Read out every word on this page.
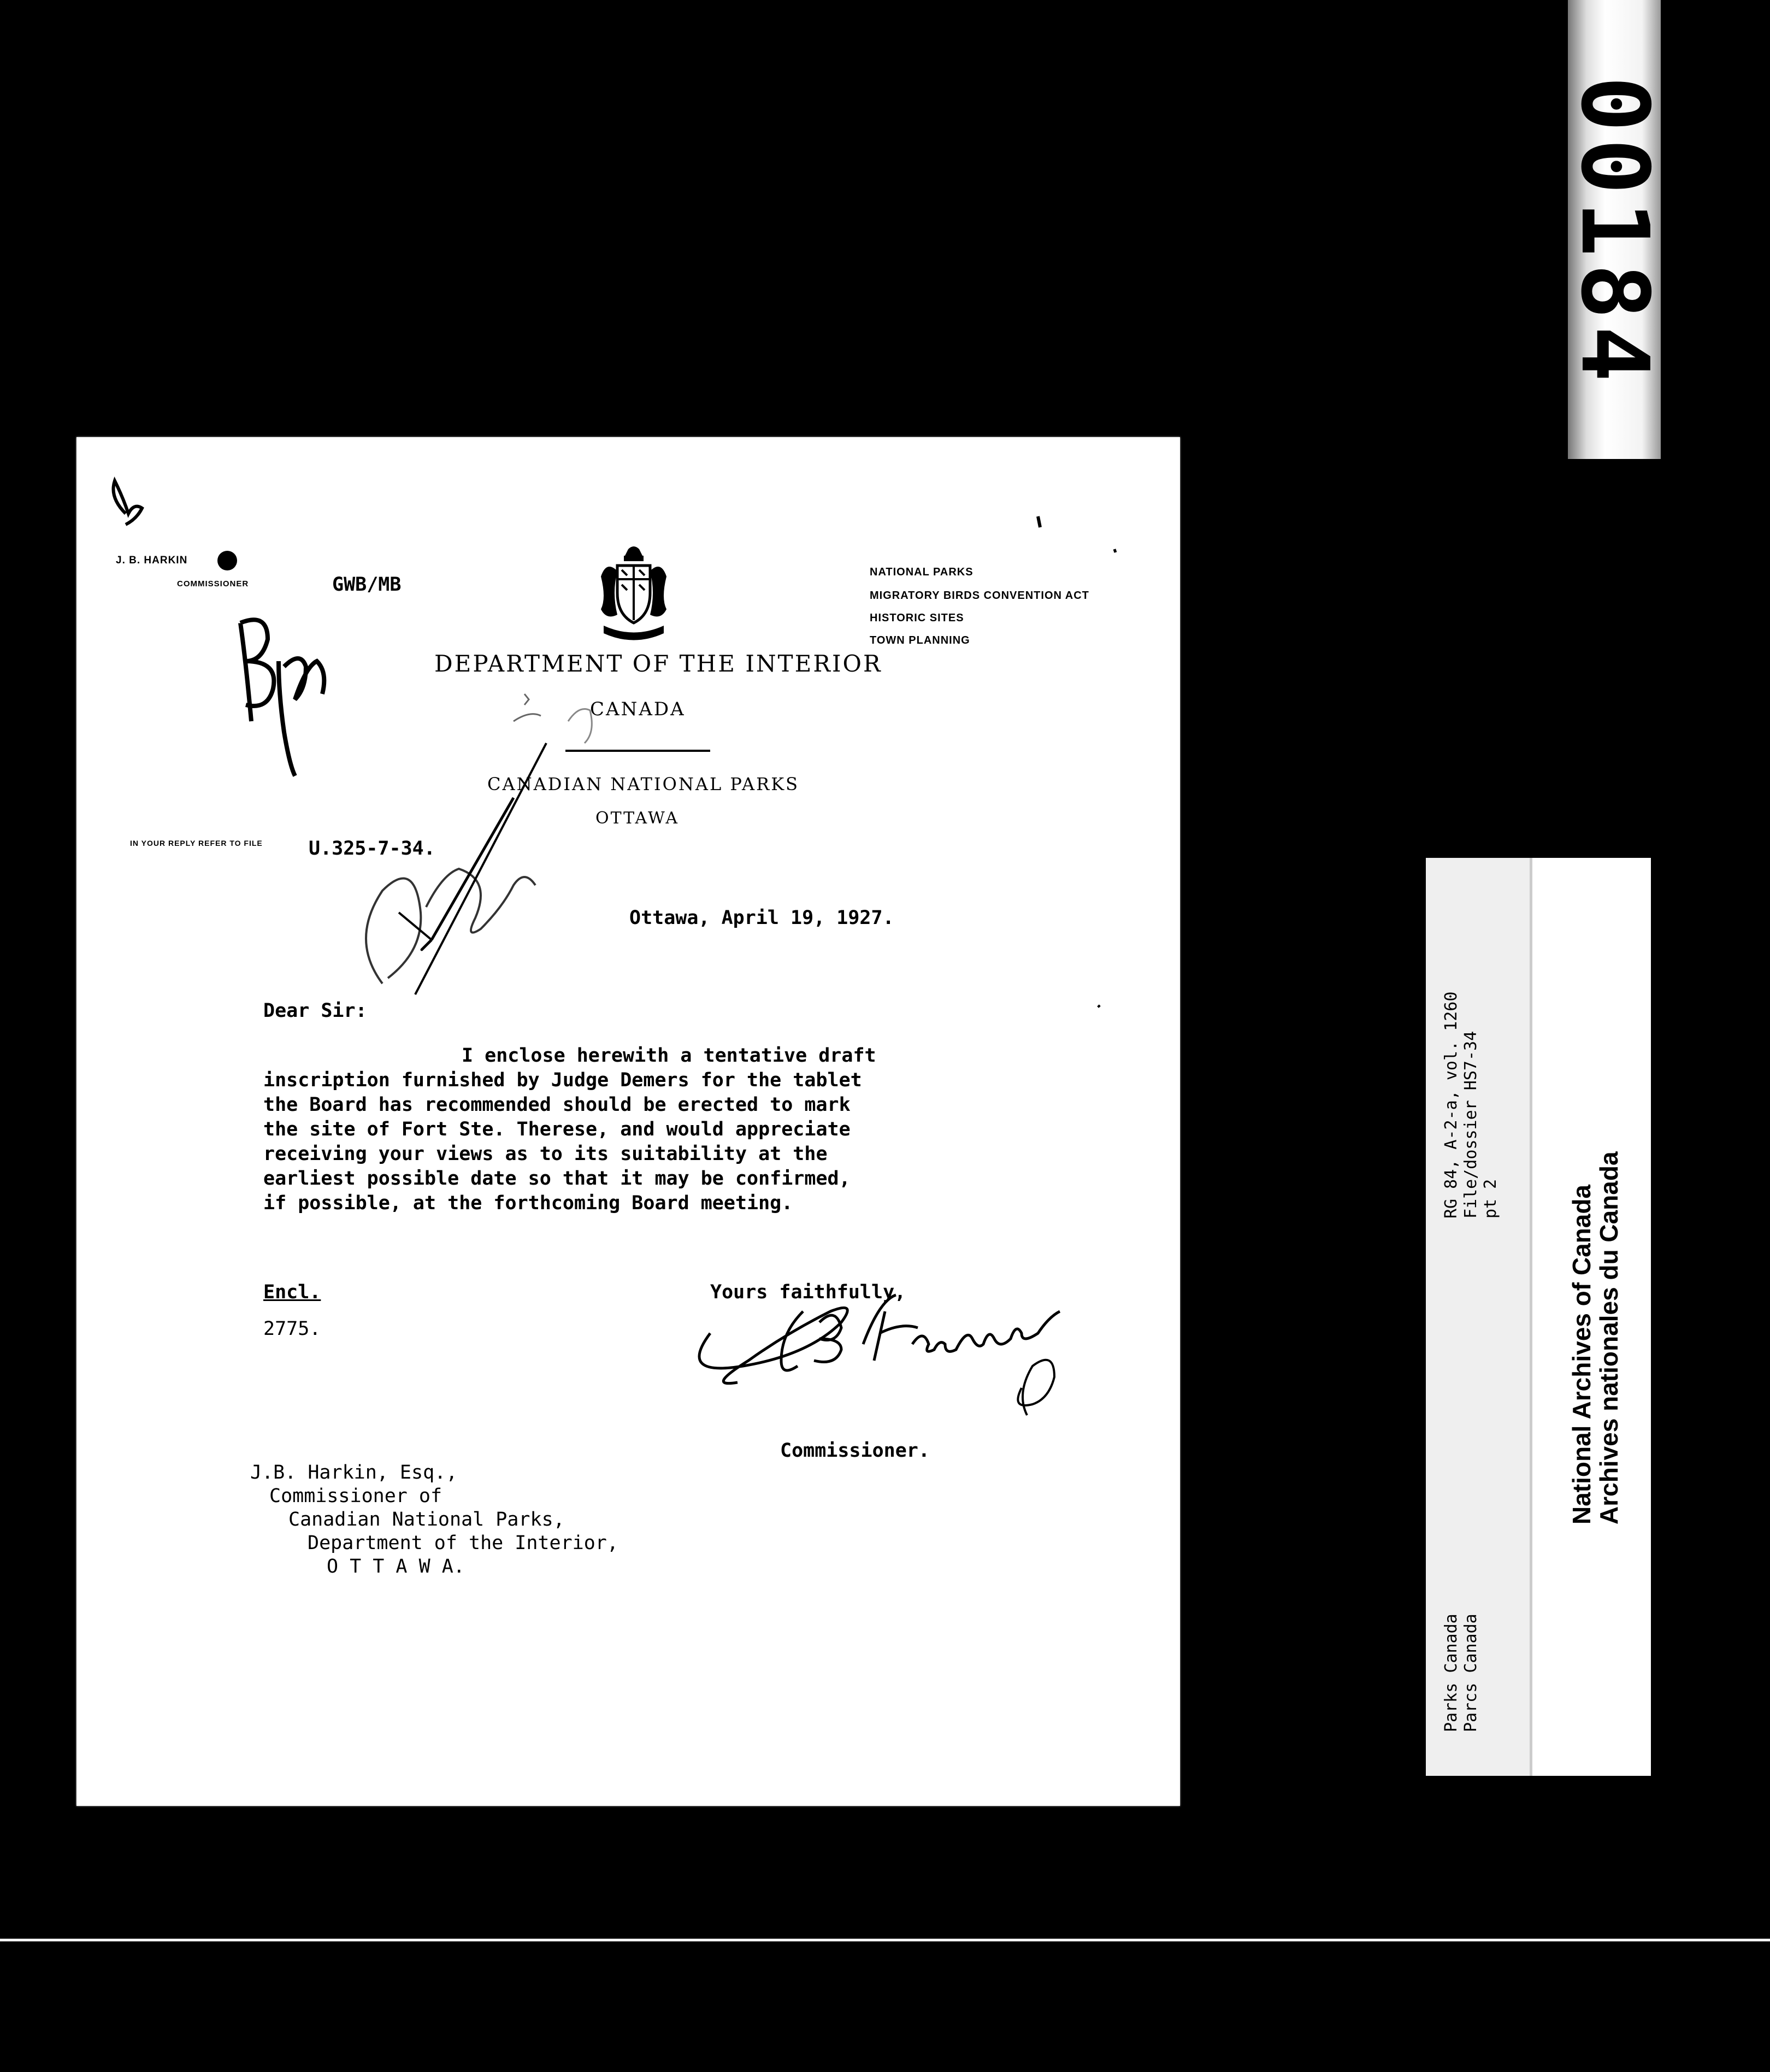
00184
J. B. HARKIN
COMMISSIONER	GWB/MB
DEPARTMENT OF THE INTERIOR
CANADA
CANADIAN NATIONAL PARKS
OTTAWA
NATIONAL PARKS
MIGRATORY BIRDS CONVENTION ACT
HISTORIC SITES
TOWN PLANNING
IN YOUR REPLY REFER TO FILE U.325-7-34.
Ottawa, April 19, 1927.
Dear Sir:
I enclose herewith a tentative draft
inscription furnished by Judge Demers for the tablet
the Board has recommended should be erected to mark
the site of Fort Ste. Therese, and would appreciate
receiving your views as to its suitability at the
earliest possible date so that it may be confirmed,
if possible, at the forthcoming Board meeting.
Encl.
2775.
Yours faithfully,
Commissioner.
J.B. Harkin, Esq.,
Commissioner of
Canadian National Parks,
Department of the Interior,
O T T A W A.
National Archives of Canada
Archives nationales du Canada
RG 84, A-2-a, vol. 1260 File/dossier HS7-34 pt 2
Parks Canada Parcs Canada
